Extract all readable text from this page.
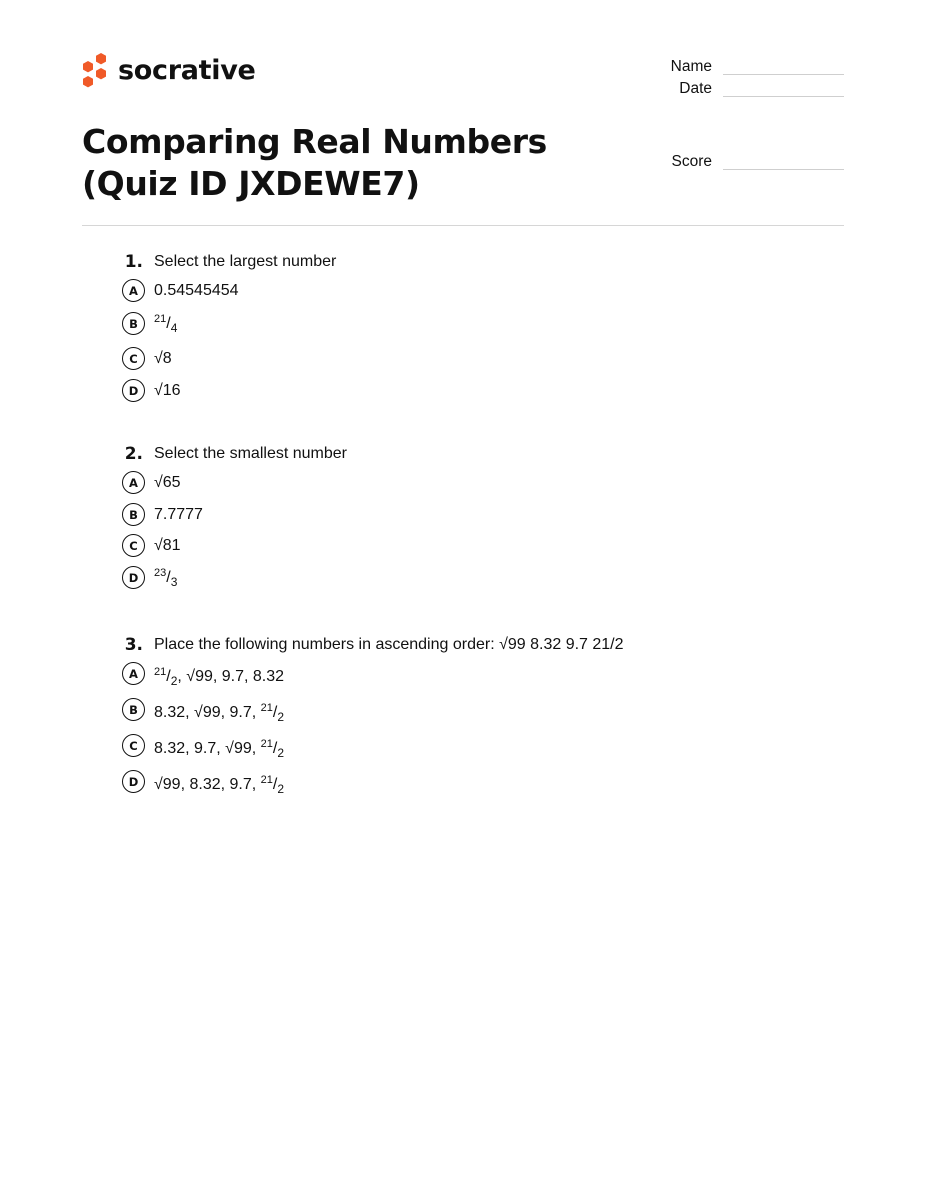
socrative	Name
Date
Score
Comparing Real Numbers (Quiz ID JXDEWE7)
1. Select the largest number
A	0.54545454
B	$^{21}/_4$
C	√8
D √16
2. Select the smallest number
A	√65
B	7.7777
C	√81
D	$^{23}/_3$
3. Place the following numbers in ascending order: √99 8.32 9.7 21/2
A	$^{21}/_2$, √99, 9.7, 8.32
B	8.32, √99, 9.7, $^{21}/_2$
C	8.32, 9.7, √99, $^{21}/_2$
D √99, 8.32, 9.7, $^{21}/_2$
